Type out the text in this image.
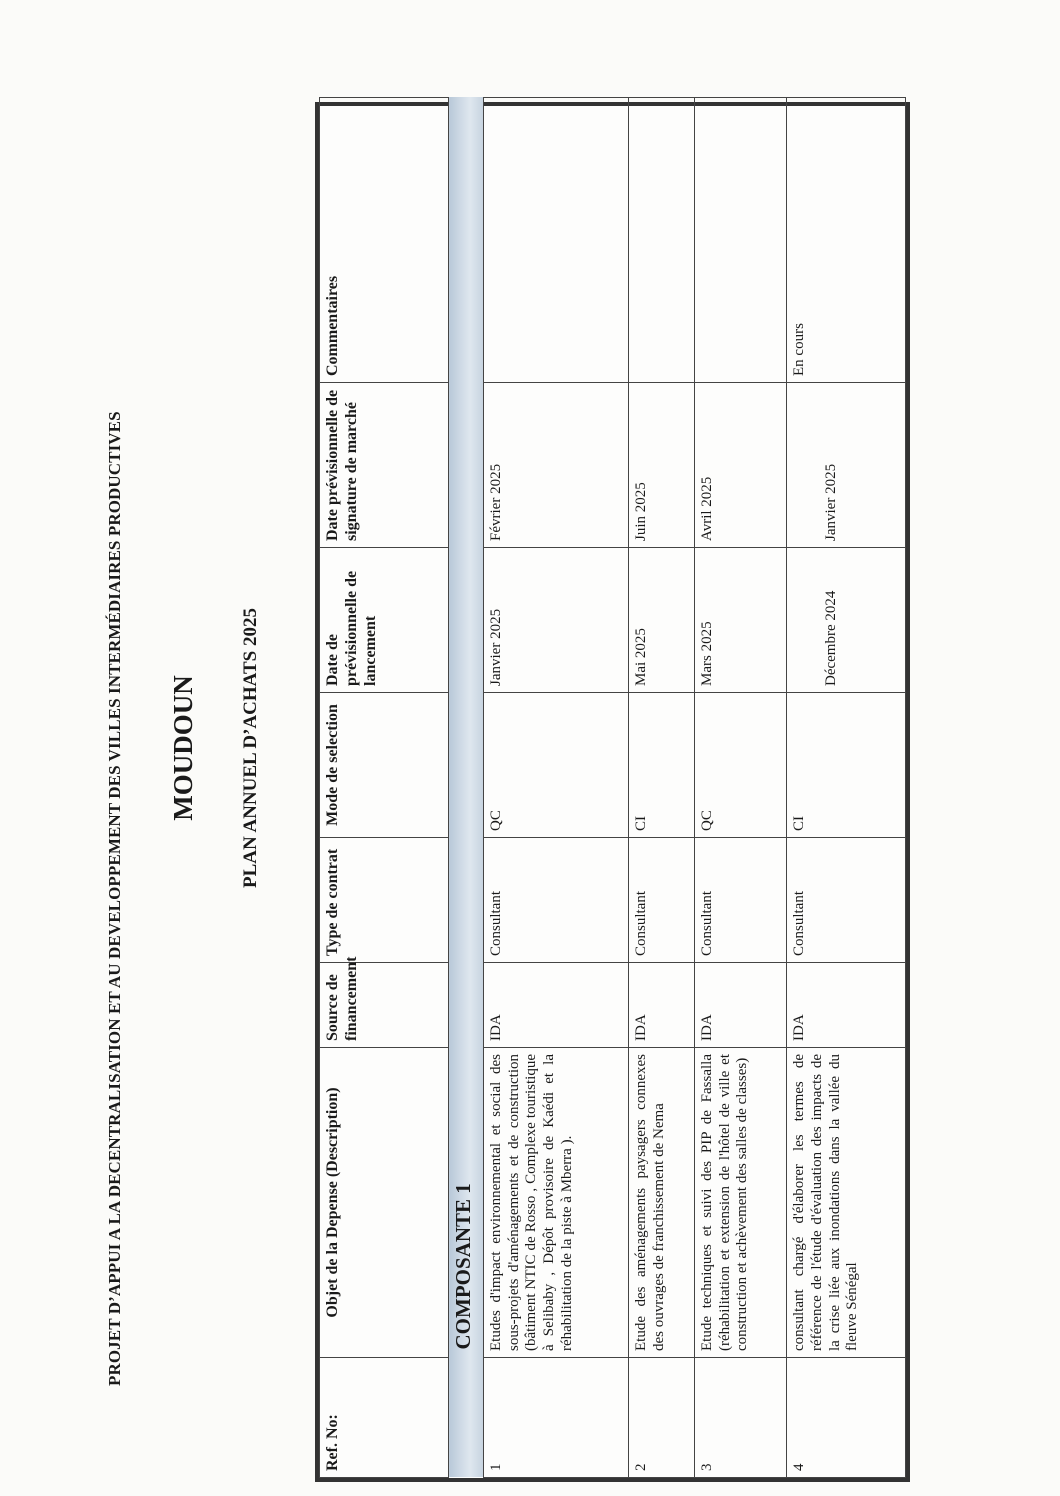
PROJET D’APPUI A LA DECENTRALISATION ET AU DEVELOPPEMENT DES VILLES INTERMÉDIAIRES PRODUCTIVES MOUDOUN PLAN ANNUEL D’ACHATS 2025
Ref. No:	Objet de la Depense (Description)	Source de financement	Type de contrat	Mode de selection	Date de prévisionnelle de lancement	Date prévisionnelle de signature de marché	Commentaires
	COMPOSANTE 1						
1	Etudes d'impact environnemental et social des sous-projets d'aménagements et de construction (bâtiment NTIC de Rosso , Complexe touristique à Selibaby , Dépôt provisoire de Kaédi et la réhabilitation de la piste à Mberra ).	IDA	Consultant	QC	Janvier 2025	Février 2025	
2	Etude des aménagements paysagers connexes des ouvrages de franchissement de Nema	IDA	Consultant	CI	Mai 2025	Juin 2025	
3	Etude techniques et suivi des PIP de Fassalla (réhabilitation et extension de l'hôtel de ville et construction et achèvement des salles de classes)	IDA	Consultant	QC	Mars 2025	Avril 2025	
4	consultant chargé d'élaborer les termes de référence de l'étude d'évaluation des impacts de la crise liée aux inondations dans la vallée du fleuve Sénégal	IDA	Consultant	CI	Décembre 2024	Janvier 2025	En cours
